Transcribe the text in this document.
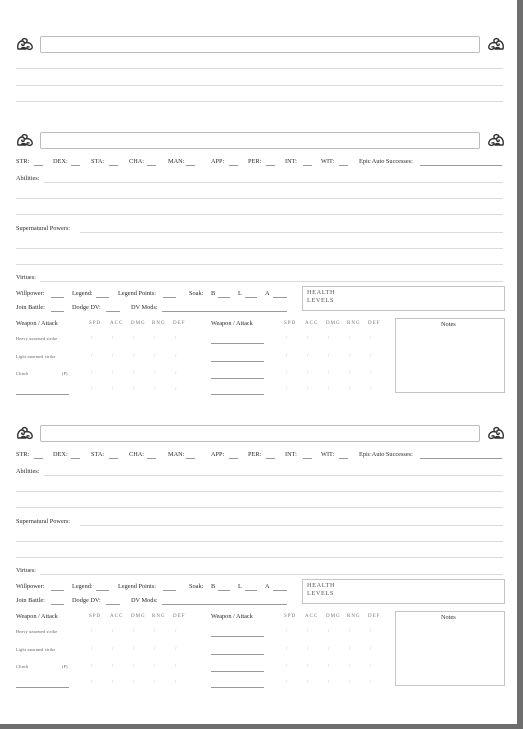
STR:	DEX:	STA:	CHA:	MAN:	APP:	PER:	INT:	WIT:	Epic Auto Successes:
Abilities:
Supernatural Powers:
Virtues:
Willpower:	Legend:	Legend Points:	Soak: B	L	A	HEALTH
LEVELS
Join Battle:	Dodge DV:	DV Mods:
Weapon / Attack	SPD ACC DMG RNG DEF
Heavy unarmed strike	/	/	/	/	/
Light unarmed strike	/	/	/	/	/
Clinch	(P)	/	/	/	/	/
/	/	/	/	/
Weapon / Attack	SPD ACC DMG RNG DEF
/	/	/	/	/
/	/	/	/	/
/	/	/	/	/
/	/	/	/	/
Notes
STR:	DEX:	STA:	CHA:	MAN:	APP:	PER:	INT:	WIT:	Epic Auto Successes:
Abilities:
Supernatural Powers:
Virtues:
Willpower:	Legend:	Legend Points:	Soak: B	L	A	HEALTH
LEVELS
Join Battle:	Dodge DV:	DV Mods:
Weapon / Attack	SPD ACC DMG RNG DEF
Heavy unarmed strike	/	/	/	/	/
Light unarmed strike	/	/	/	/	/
Clinch	(P)	/	/	/	/	/
/	/	/	/	/
Weapon / Attack	SPD ACC DMG RNG DEF
/	/	/	/	/
/	/	/	/	/
/	/	/	/	/
/	/	/	/	/
Notes
